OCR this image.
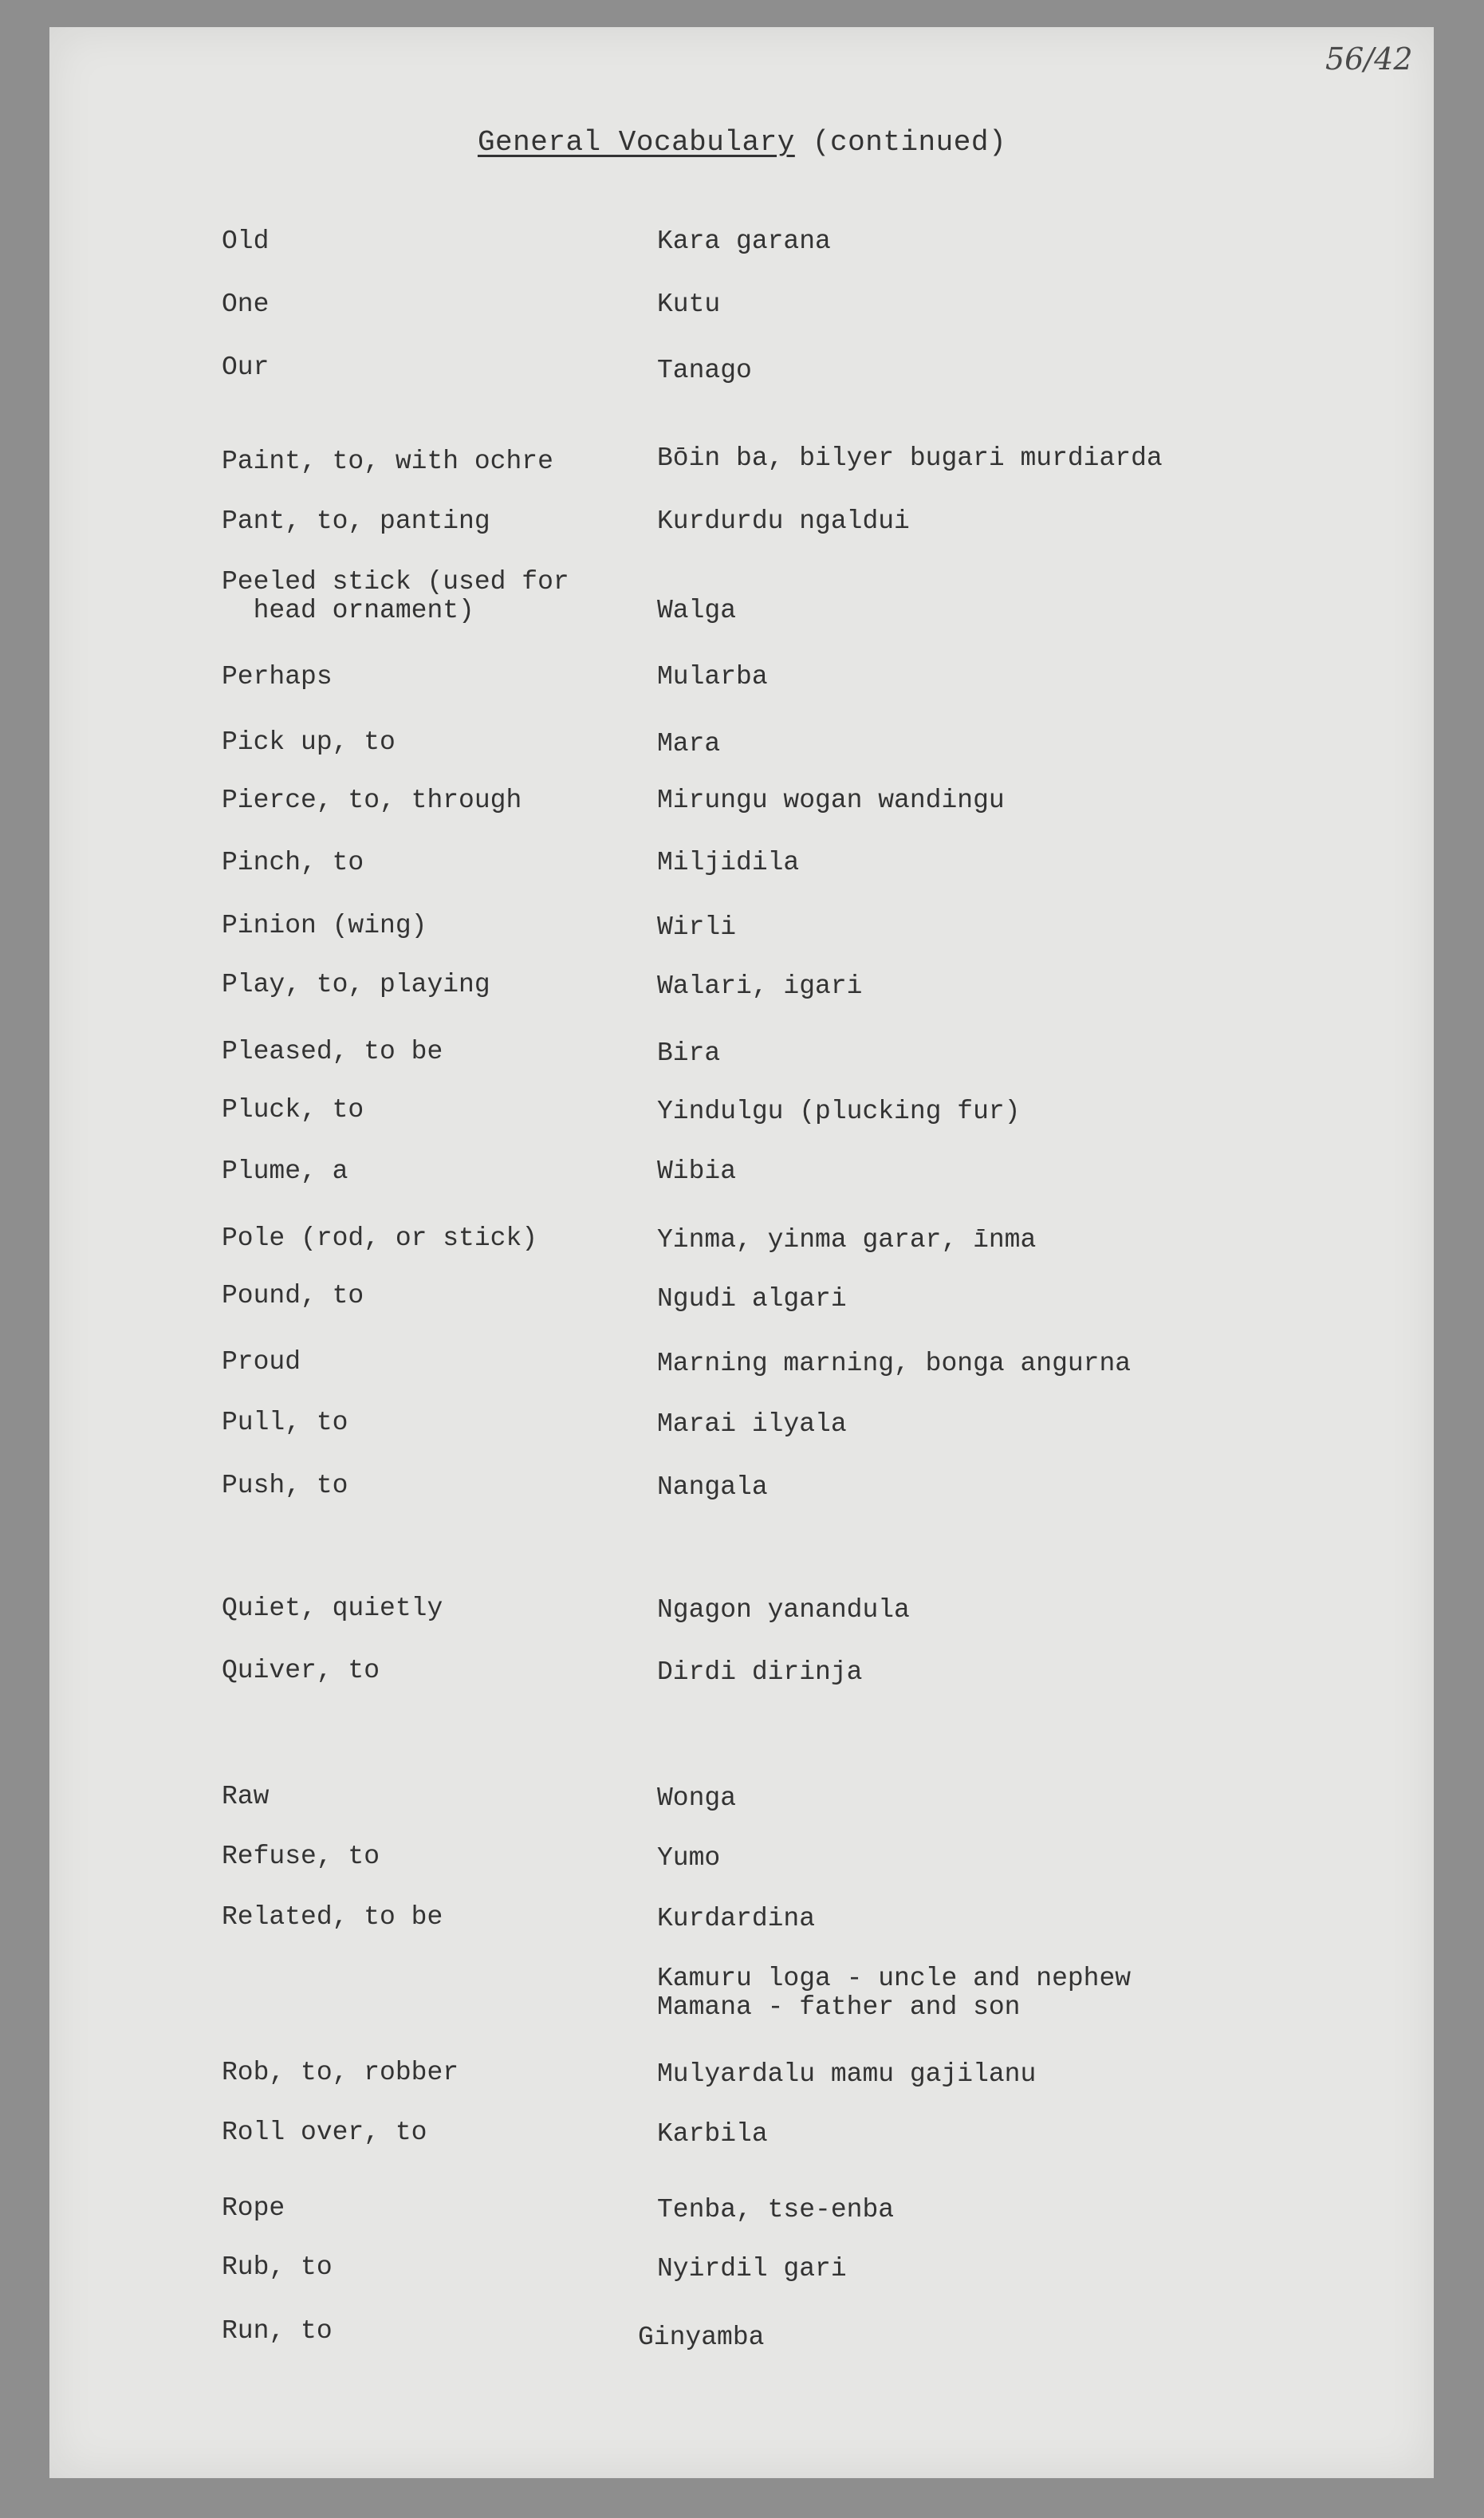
56/42
General Vocabulary (continued)
Old	Kara garana
One	Kutu
Our	Tanago
Paint, to, with ochre	Bōin ba, bilyer bugari murdiarda
Pant, to, panting	Kurdurdu ngaldui
Peeled stick (used for
head ornament)	Walga
Perhaps	Mularba
Pick up, to	Mara
Pierce, to, through	Mirungu wogan wandingu
Pinch, to	Miljidila
Pinion (wing)	Wirli
Play, to, playing	Walari, igari
Pleased, to be	Bira
Pluck, to	Yindulgu (plucking fur)
Plume, a	Wibia
Pole (rod, or stick)	Yinma, yinma garar, īnma
Pound, to	Ngudi algari
Proud	Marning marning, bonga angurna
Pull, to	Marai ilyala
Push, to	Nangala
Quiet, quietly	Ngagon yanandula
Quiver, to	Dirdi dirinja
Raw	Wonga
Refuse, to	Yumo
Related, to be	Kurdardina
Kamuru loga - uncle and nephew
Mamana - father and son
Rob, to, robber	Mulyardalu mamu gajilanu
Roll over, to	Karbila
Rope	Tenba, tse-enba
Rub, to	Nyirdil gari
Run, to	Ginyamba
